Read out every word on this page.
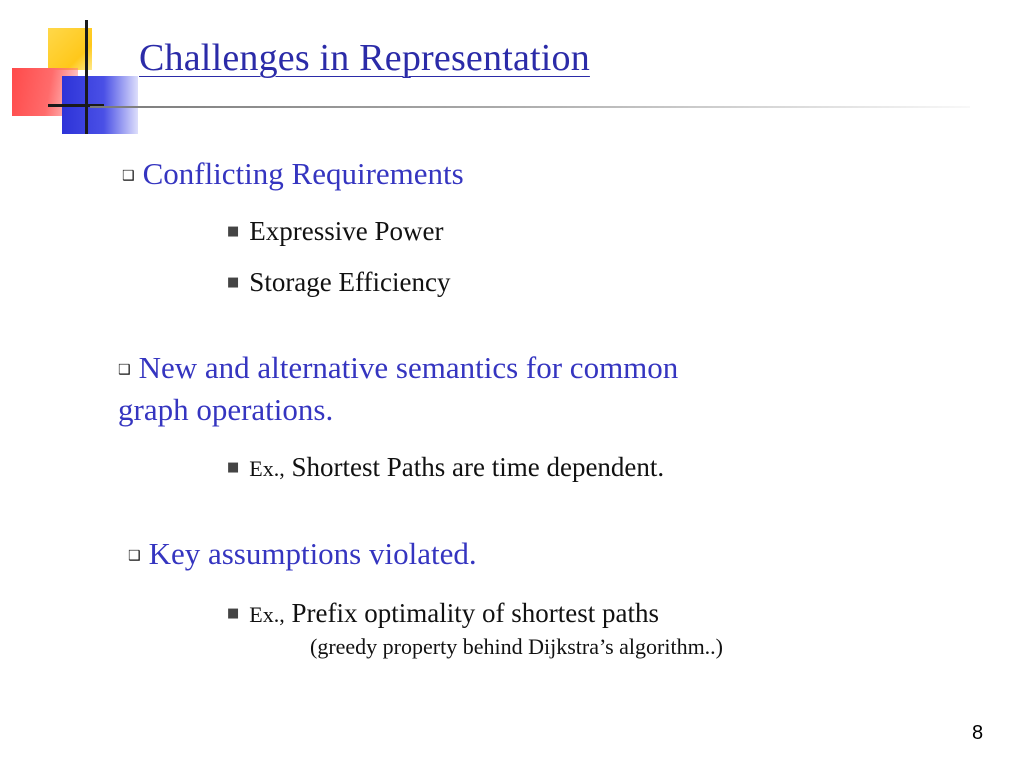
Challenges in Representation
❑ Conflicting Requirements
■ Expressive Power
■ Storage Efficiency
❑ New and alternative semantics for common
graph operations.
■ Ex., Shortest Paths are time dependent.
❑ Key assumptions violated.
■ Ex., Prefix optimality of shortest paths
(greedy property behind Dijkstra’s algorithm..)
8
